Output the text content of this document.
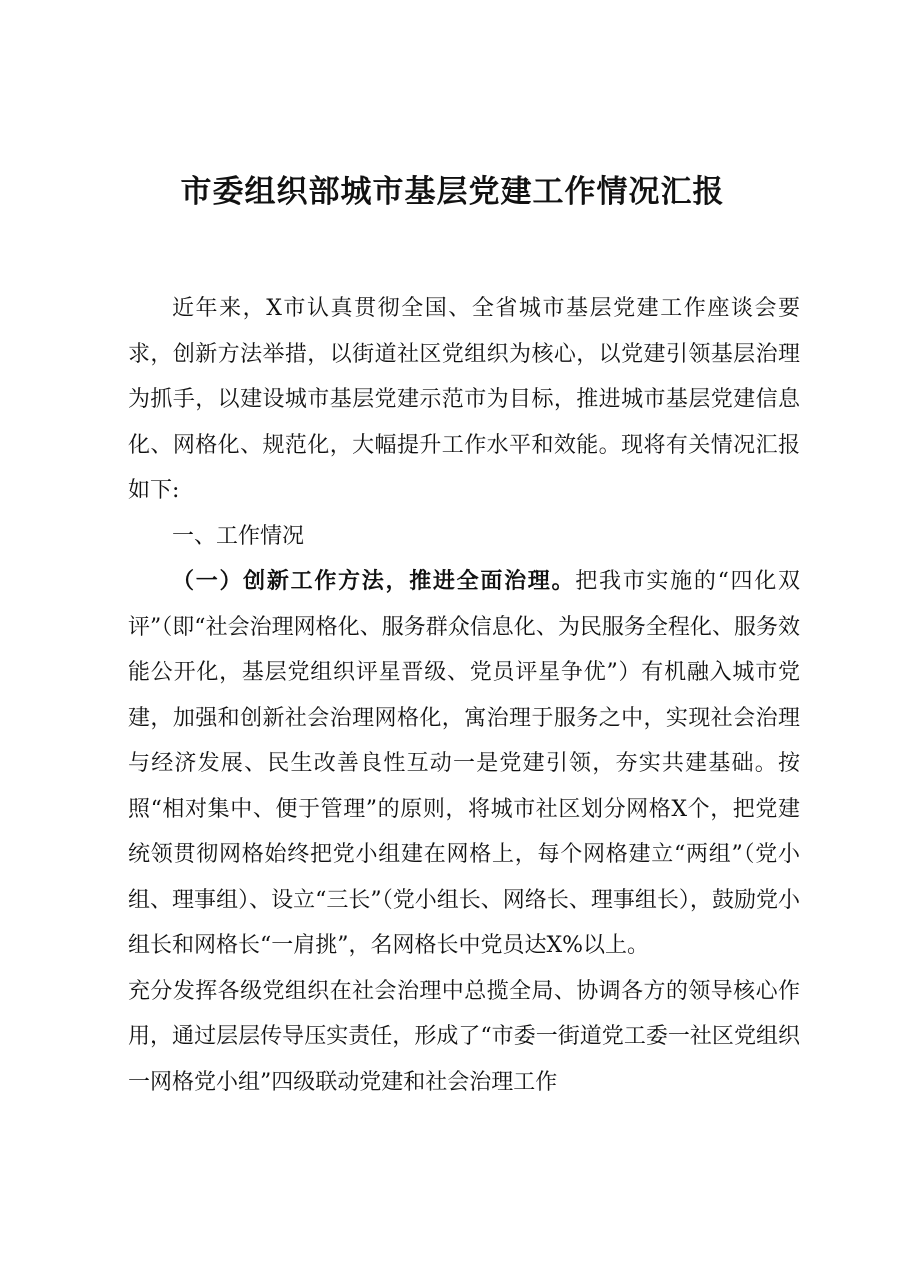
市委组织部城市基层党建工作情况汇报

近年来，X市认真贯彻全国、全省城市基层党建工作座谈会要求，创新方法举措，以街道社区党组织为核心，以党建引领基层治理为抓手，以建设城市基层党建示范市为目标，推进城市基层党建信息化、网格化、规范化，大幅提升工作水平和效能。现将有关情况汇报如下:

一、工作情况

（一）创新工作方法，推进全面治理。把我市实施的“四化双评”（即“社会治理网格化、服务群众信息化、为民服务全程化、服务效能公开化，基层党组织评星晋级、党员评星争优”）有机融入城市党建，加强和创新社会治理网格化，寓治理于服务之中，实现社会治理与经济发展、民生改善良性互动一是党建引领，夯实共建基础。按照“相对集中、便于管理”的原则，将城市社区划分网格X个，把党建统领贯彻网格始终把党小组建在网格上，每个网格建立“两组”（党小组、理事组）、设立“三长”（党小组长、网络长、理事组长），鼓励党小组长和网格长“一肩挑”，名网格长中党员达X%以上。

充分发挥各级党组织在社会治理中总揽全局、协调各方的领导核心作用，通过层层传导压实责任，形成了“市委一街道党工委一社区党组织一网格党小组”四级联动党建和社会治理工作
